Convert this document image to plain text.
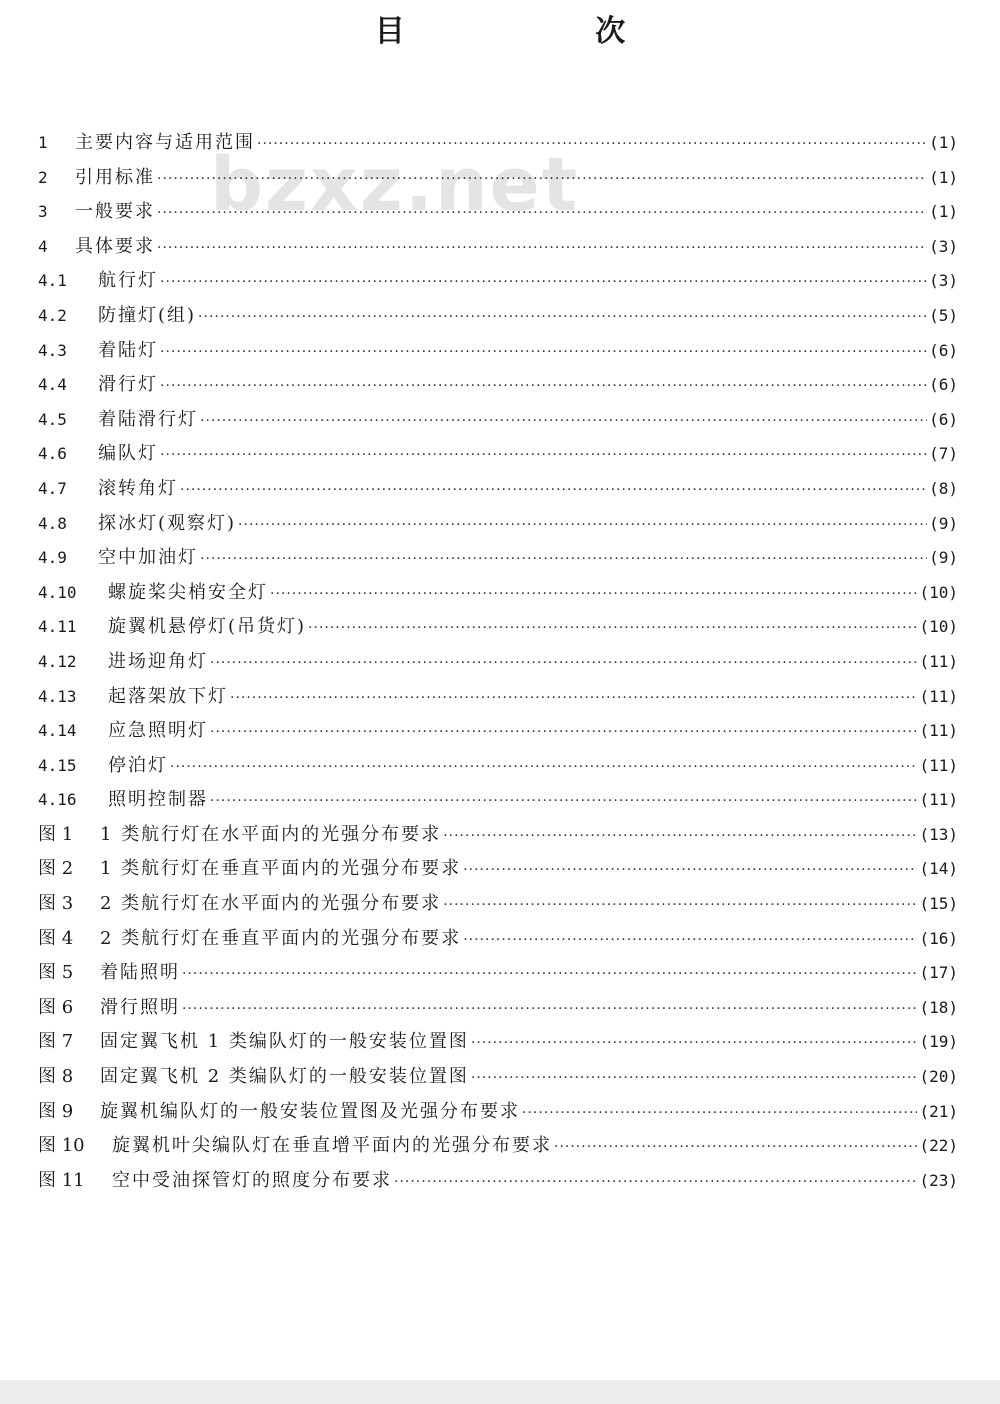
目 次
bzxz.net
1	主要内容与适用范围 ·····	(1)
2	引用标准 ·····	(1)
3	一般要求 ·····	(1)
4	具体要求 ·····	(3)
4.1	航行灯 ·····	(3)
4.2	防撞灯(组) ·····	(5)
4.3	着陆灯 ·····	(6)
4.4	滑行灯 ·····	(6)
4.5	着陆滑行灯 ·····	(6)
4.6	编队灯 ·····	(7)
4.7	滚转角灯 ·····	(8)
4.8	探冰灯(观察灯) ·····	(9)
4.9	空中加油灯 ·····	(9)
4.10	螺旋桨尖梢安全灯 ·····	(10)
4.11	旋翼机悬停灯(吊货灯) ·····	(10)
4.12	进场迎角灯 ·····	(11)
4.13	起落架放下灯 ·····	(11)
4.14	应急照明灯 ·····	(11)
4.15	停泊灯 ·····	(11)
4.16	照明控制器 ·····	(11)
图 1	1 类航行灯在水平面内的光强分布要求 ·····	(13)
图 2	1 类航行灯在垂直平面内的光强分布要求 ·····	(14)
图 3	2 类航行灯在水平面内的光强分布要求 ·····	(15)
图 4	2 类航行灯在垂直平面内的光强分布要求 ·····	(16)
图 5	着陆照明 ·····	(17)
图 6	滑行照明 ·····	(18)
图 7	固定翼飞机 1 类编队灯的一般安装位置图 ·····	(19)
图 8	固定翼飞机 2 类编队灯的一般安装位置图 ·····	(20)
图 9	旋翼机编队灯的一般安装位置图及光强分布要求 ·····	(21)
图 10	旋翼机叶尖编队灯在垂直增平面内的光强分布要求 ·····	(22)
图 11	空中受油探管灯的照度分布要求 ·····	(23)
